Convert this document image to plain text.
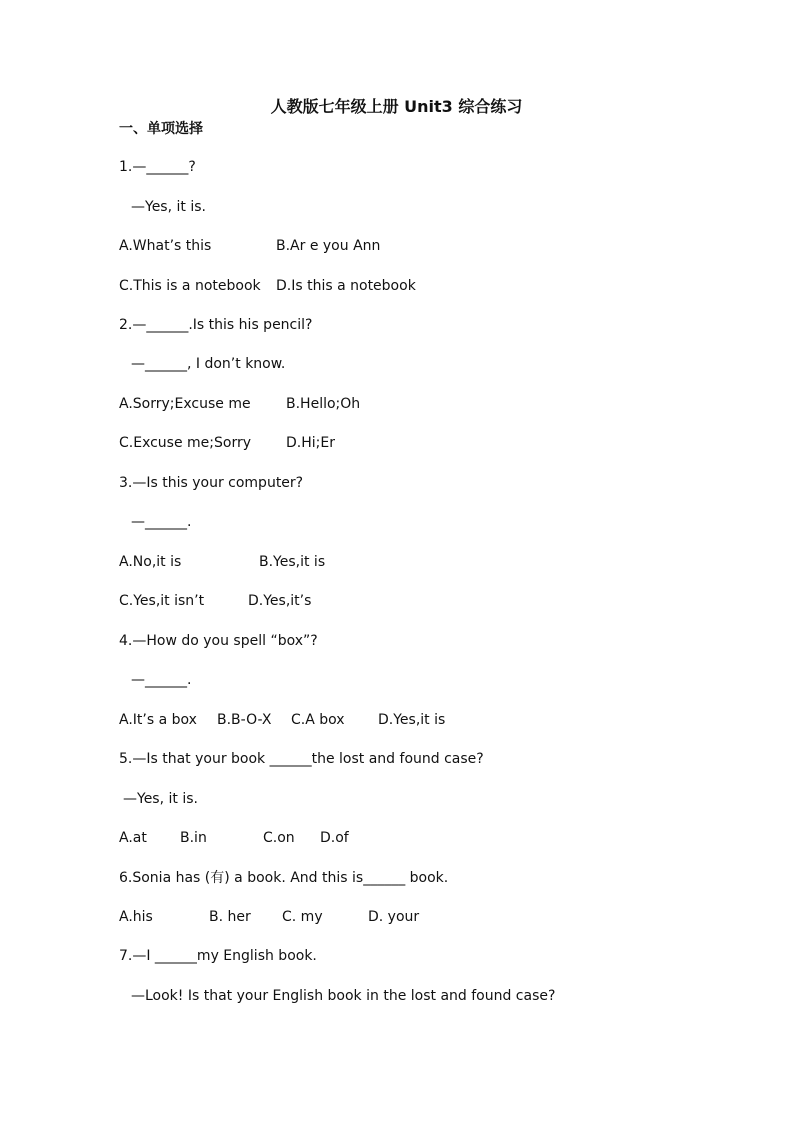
人教版七年级上册 Unit3 综合练习
一、单项选择
1.—______?
—Yes, it is.
A.What’s this	B.Ar e you Ann
C.This is a notebook D.Is this a notebook
2.—______.Is this his pencil?
—______, I don’t know.
A.Sorry;Excuse me	B.Hello;Oh
C.Excuse me;Sorry D.Hi;Er
3.—Is this your computer?
—______.
A.No,it is	B.Yes,it is
C.Yes,it isn’t	D.Yes,it’s
4.—How do you spell “box”?
—______.
A.It’s a box B.B-O-X C.A box D.Yes,it is
5.—Is that your book ______the lost and found case?
—Yes, it is.
A.at B.in	C.on D.of
6.Sonia has (有) a book. And this is______ book.
A.his	B. her C. my	D. your
7.—I ______my English book.
—Look! Is that your English book in the lost and found case?
